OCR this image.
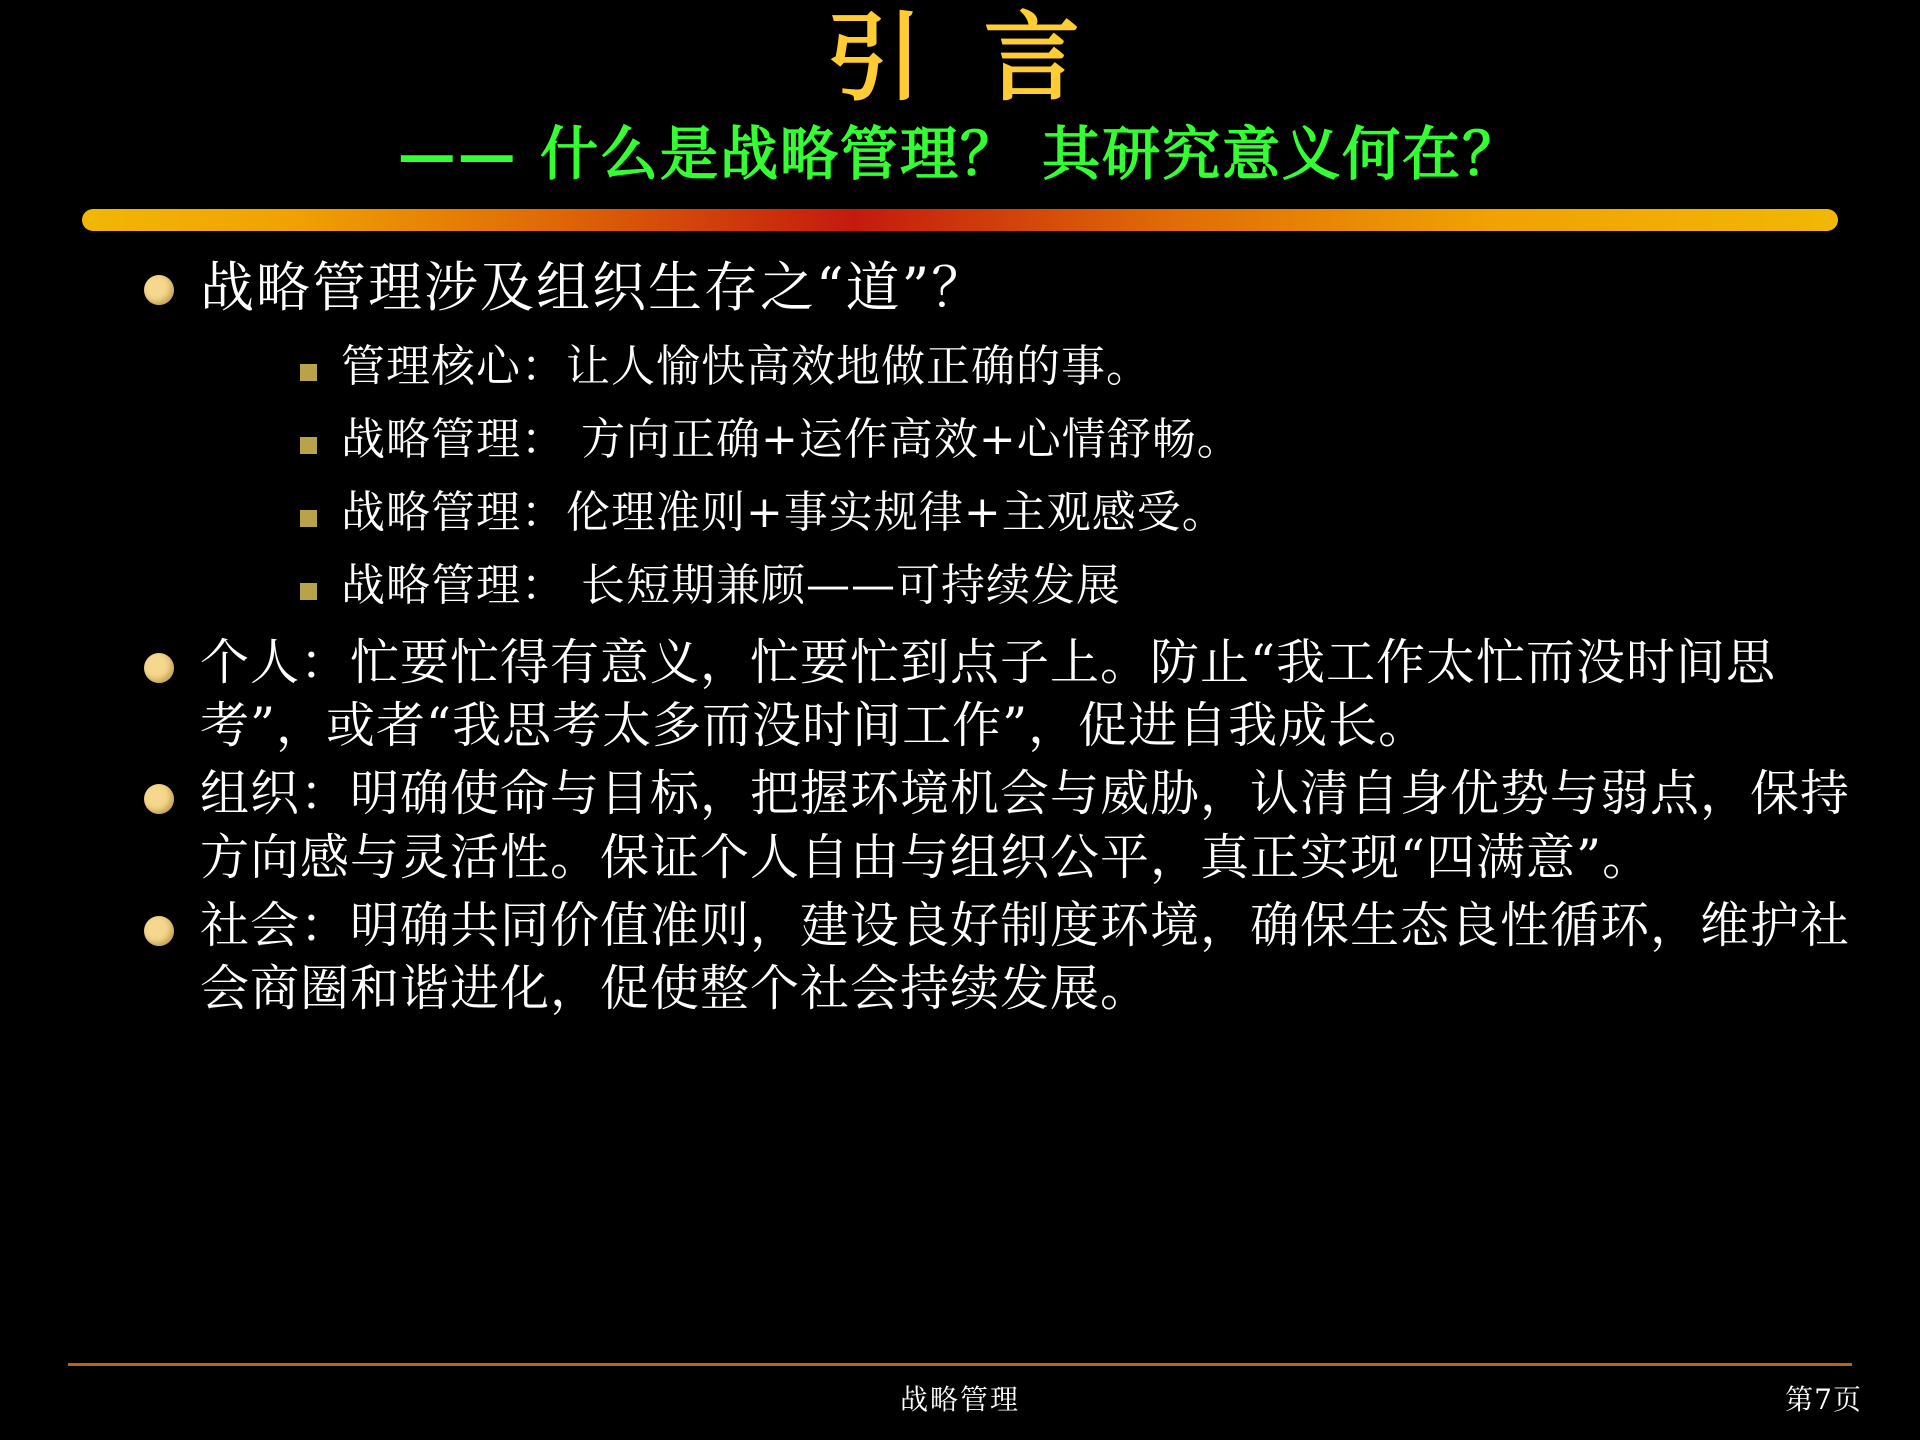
引 言
—— 什么是战略管理？ 其研究意义何在？
战略管理涉及组织生存之“道”？
管理核心：让人愉快高效地做正确的事。
战略管理： 方向正确+运作高效+心情舒畅。
战略管理：伦理准则+事实规律+主观感受。
战略管理： 长短期兼顾——可持续发展
个人：忙要忙得有意义，忙要忙到点子上。防止“我工作太忙而没时间思考”，或者“我思考太多而没时间工作”，促进自我成长。
组织：明确使命与目标，把握环境机会与威胁，认清自身优势与弱点，保持方向感与灵活性。保证个人自由与组织公平，真正实现“四满意”。
社会：明确共同价值准则，建设良好制度环境，确保生态良性循环，维护社会商圈和谐进化，促使整个社会持续发展。
战略管理	第7页
